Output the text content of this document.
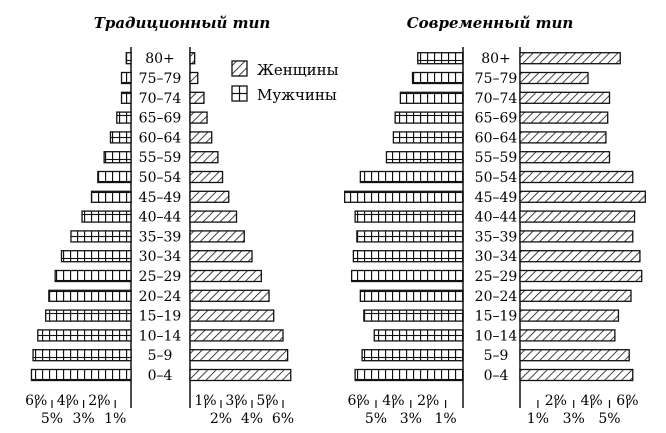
Традиционный тип	Современный тип
Женщины
Мужчины
0–4
5–9
10–14
15–19
20–24
25–29
30–34
35–39
40–44
45–49
50–54
55–59
60–64
65–69
70–74
75–79
80+
6% 4% 2%
5% 3% 1%
1% 3% 5%
2% 4% 6%
0–4
5–9
10–14
15–19
20–24
25–29
30–34
35–39
40–44
45–49
50–54
55–59
60–64
65–69
70–74
75–79
80+
6% 4% 2%
5% 3% 1%
2% 4% 6%
1% 3% 5%
